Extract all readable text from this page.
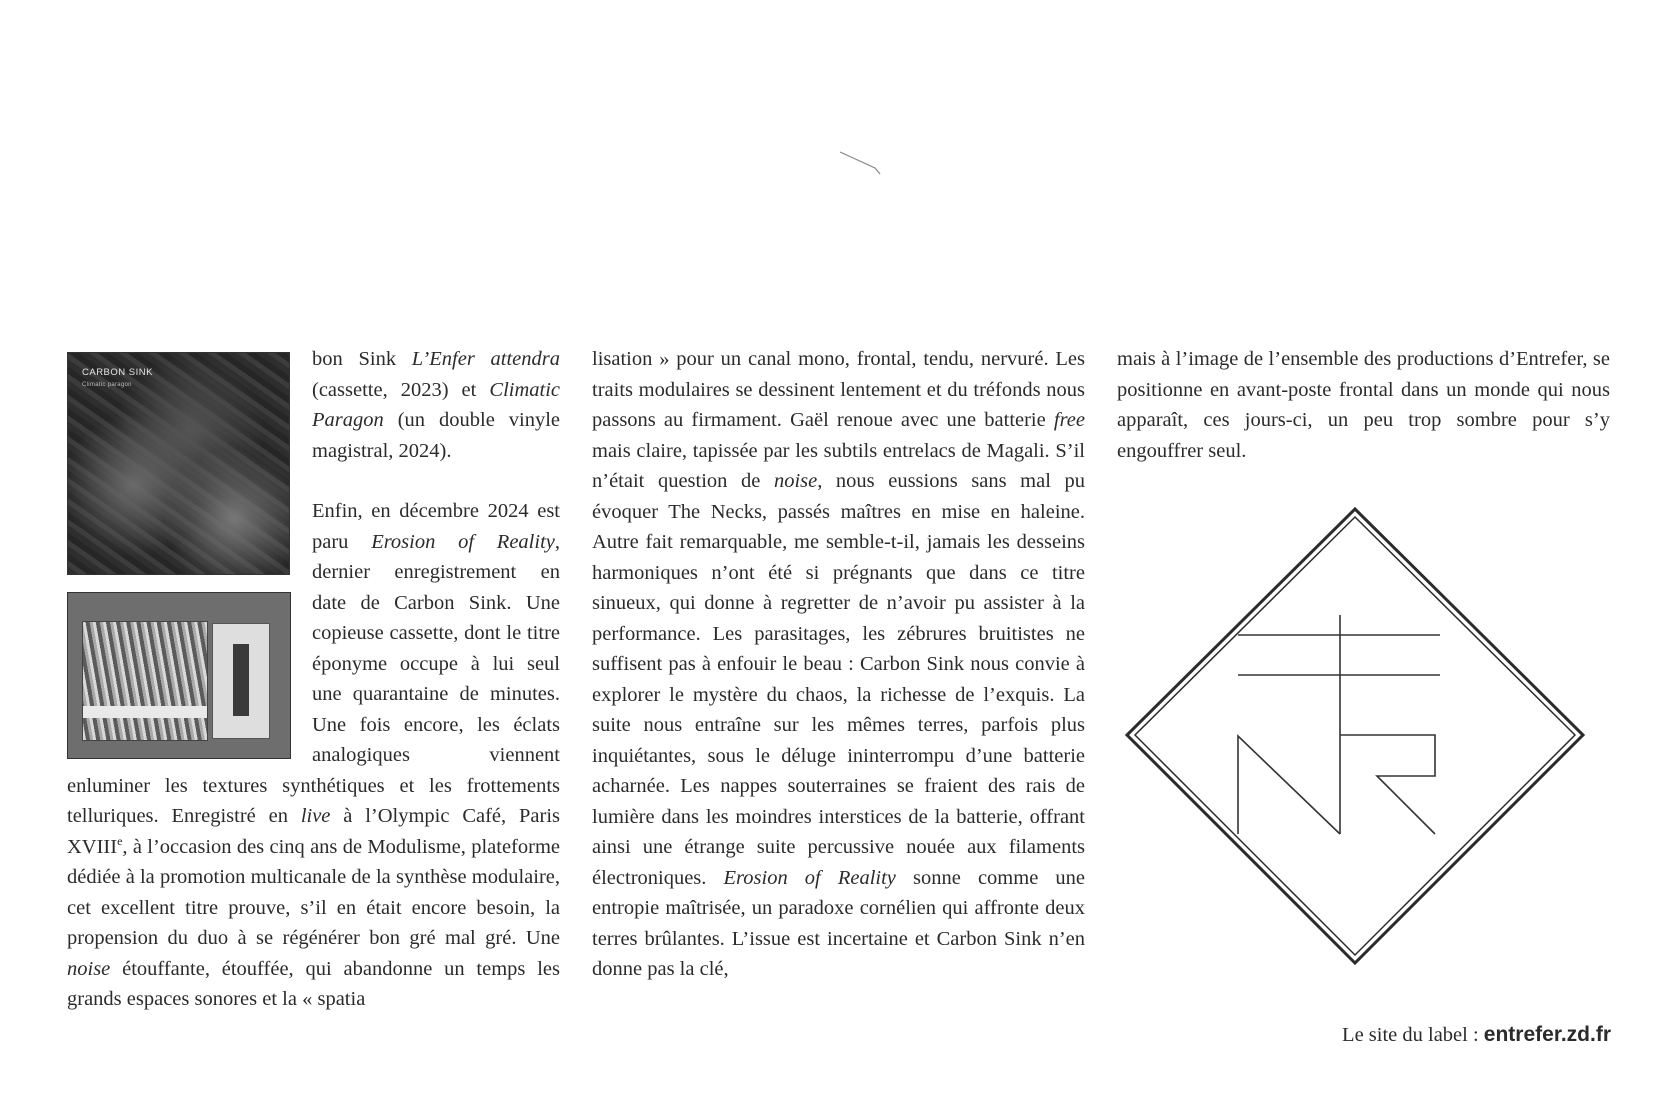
CARBON SINK
Climatic paragon

bon Sink L’Enfer attendra (cassette, 2023) et Climatic Paragon (un double vinyle magistral, 2024).

Enfin, en décembre 2024 est paru Erosion of Reality, dernier enregistrement en date de Carbon Sink. Une copieuse cassette, dont le titre éponyme occupe à lui seul une quarantaine de minutes. Une fois encore, les éclats analogiques viennent enluminer les textures synthétiques et les frottements telluriques. Enregistré en live à l’Olympic Café, Paris XVIIIe, à l’occasion des cinq ans de Modulisme, plateforme dédiée à la promotion multicanale de la synthèse modulaire, cet excellent titre prouve, s’il en était encore besoin, la propension du duo à se régénérer bon gré mal gré. Une noise étouffante, étouffée, qui abandonne un temps les grands espaces sonores et la « spatia

lisation » pour un canal mono, frontal, tendu, nervuré. Les traits modulaires se dessinent lentement et du tréfonds nous passons au firmament. Gaël renoue avec une batterie free mais claire, tapissée par les subtils entrelacs de Magali. S’il n’était question de noise, nous eussions sans mal pu évoquer The Necks, passés maîtres en mise en haleine. Autre fait remarquable, me semble-t-il, jamais les desseins harmoniques n’ont été si prégnants que dans ce titre sinueux, qui donne à regretter de n’avoir pu assister à la performance. Les parasitages, les zébrures bruitistes ne suffisent pas à enfouir le beau : Carbon Sink nous convie à explorer le mystère du chaos, la richesse de l’exquis. La suite nous entraîne sur les mêmes terres, parfois plus inquiétantes, sous le déluge ininterrompu d’une batterie acharnée. Les nappes souterraines se fraient des rais de lumière dans les moindres interstices de la batterie, offrant ainsi une étrange suite percussive nouée aux filaments électroniques. Erosion of Reality sonne comme une entropie maîtrisée, un paradoxe cornélien qui affronte deux terres brûlantes. L’issue est incertaine et Carbon Sink n’en donne pas la clé,

mais à l’image de l’ensemble des productions d’Entrefer, se positionne en avant-poste frontal dans un monde qui nous apparaît, ces jours-ci, un peu trop sombre pour s’y engouffrer seul.

Le site du label : entrefer.zd.fr
